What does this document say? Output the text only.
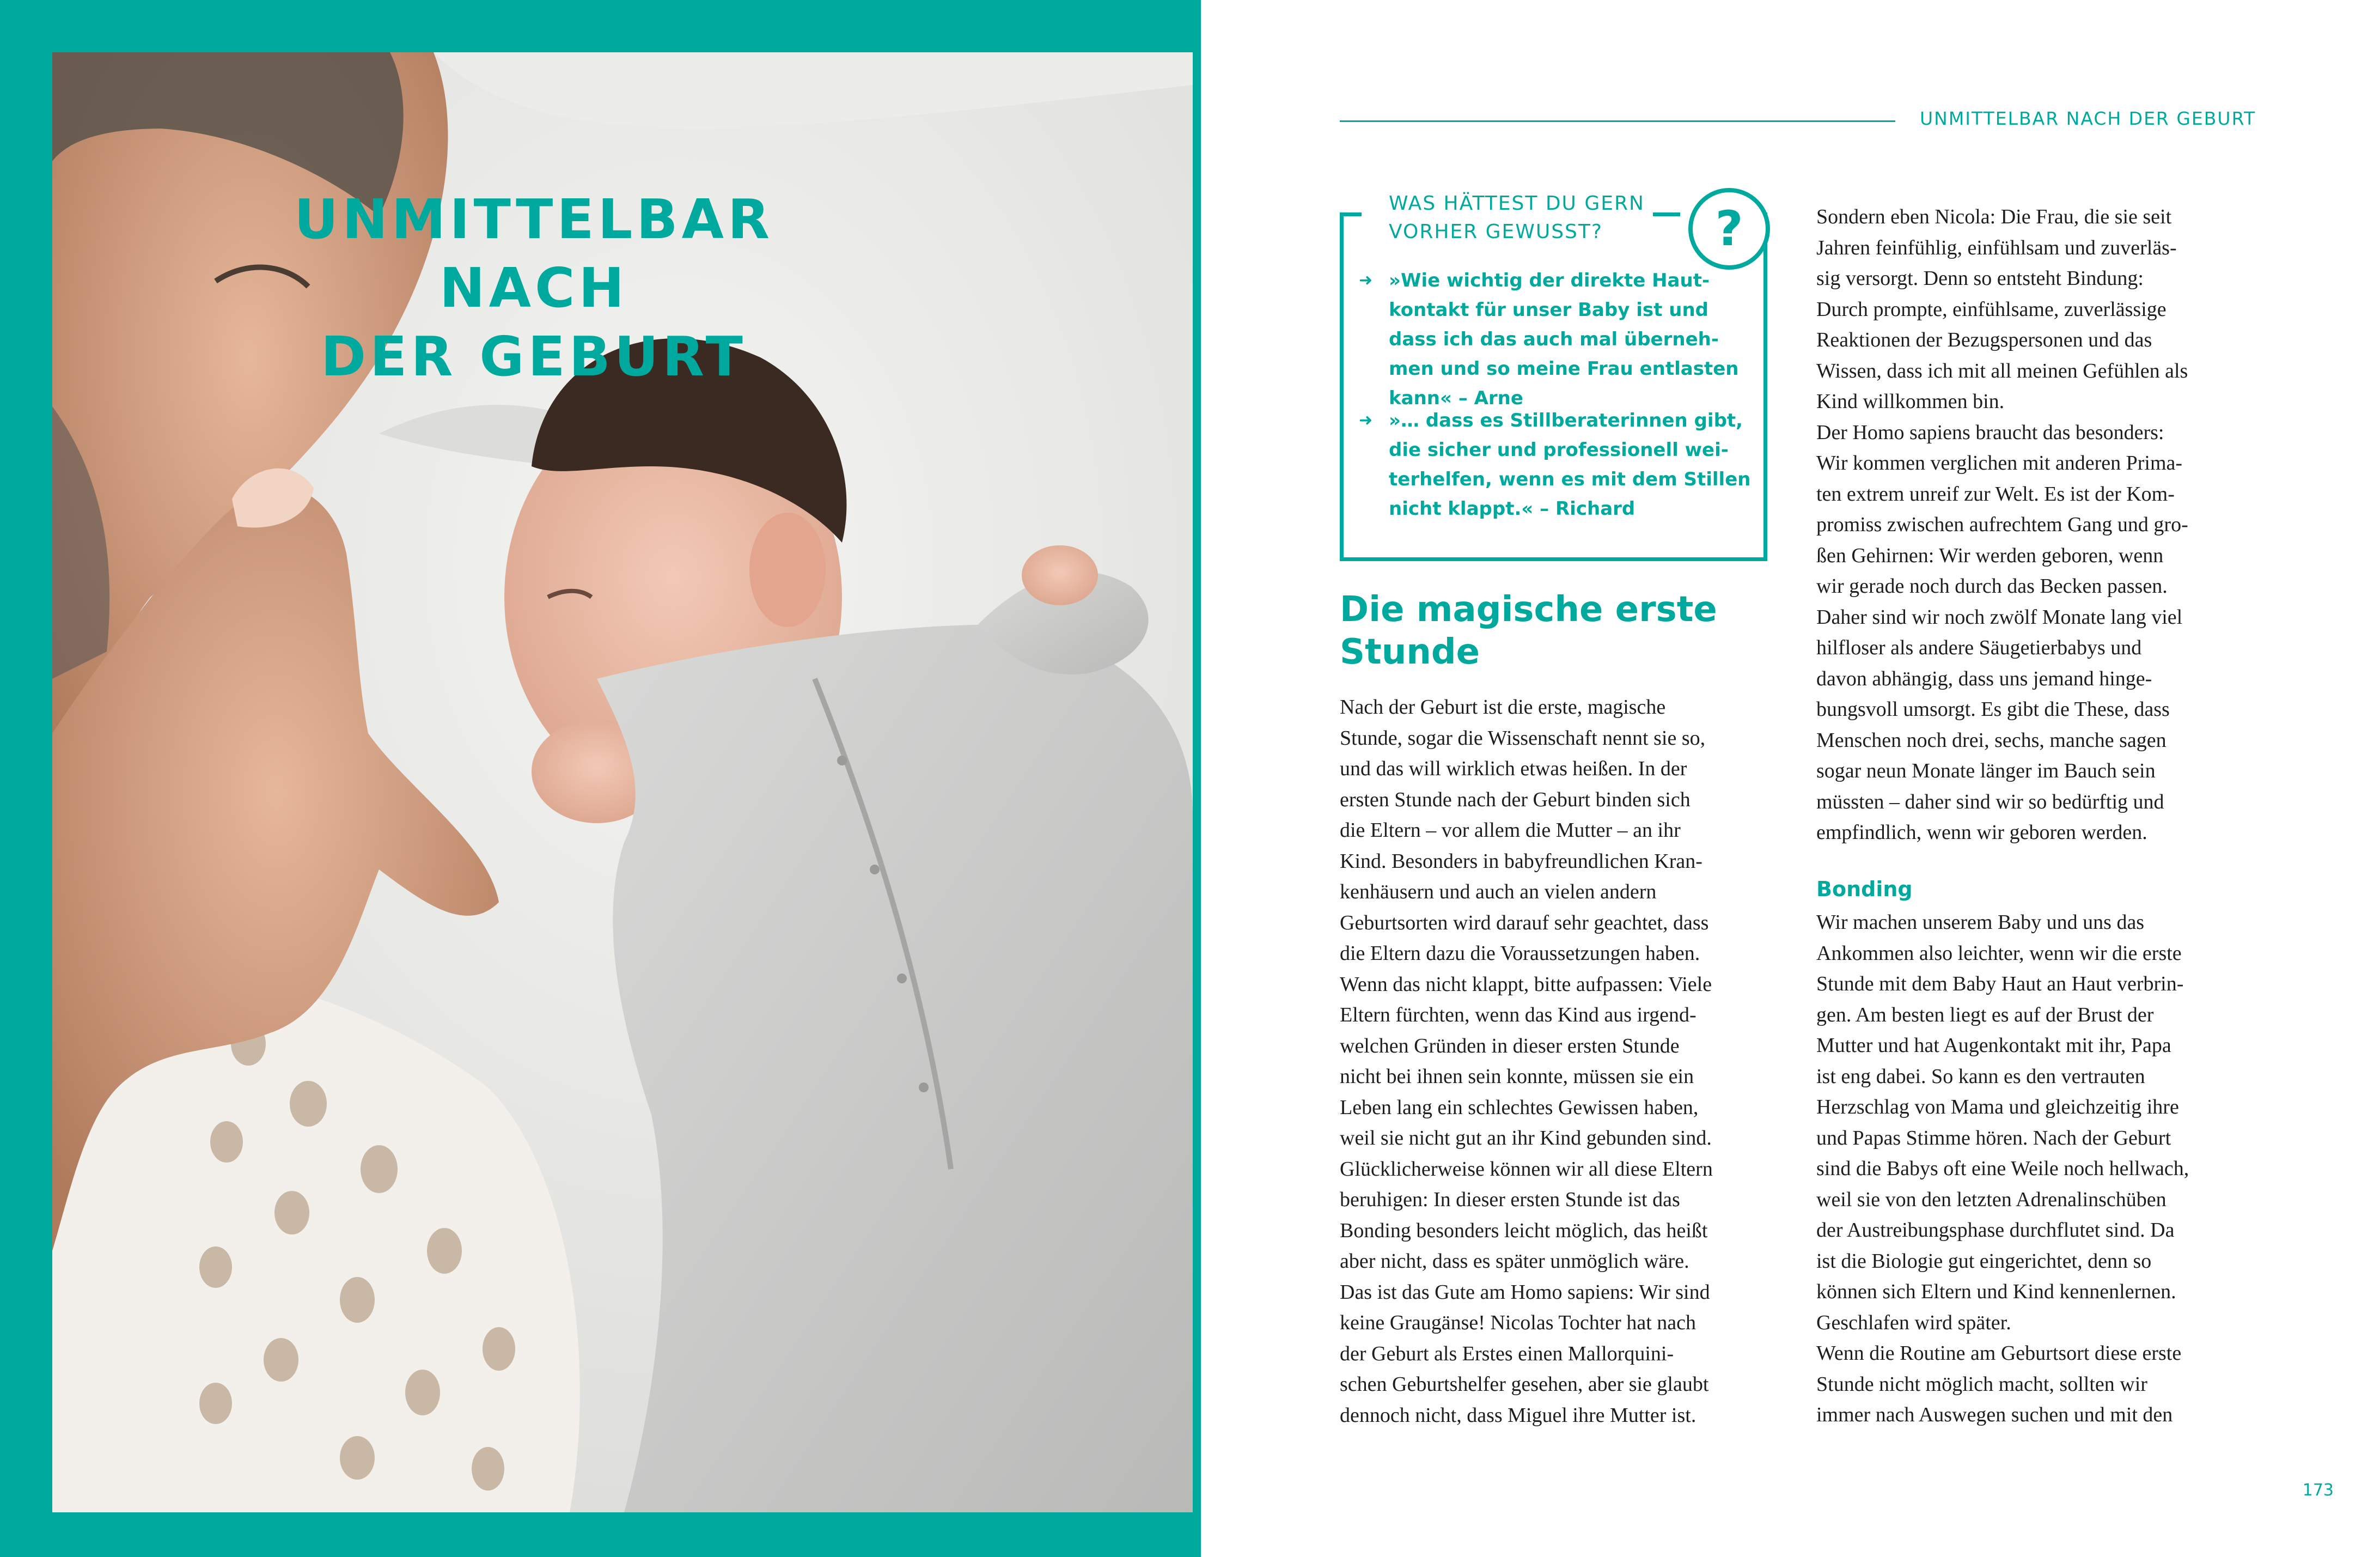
UNMITTELBAR NACH
DER GEBURT
UNMITTELBAR NACH DER GEBURT
?
WAS HÄTTEST DU GERN
VORHER GEWUSST?
➜ »Wie wichtig der direkte Haut-
kontakt für unser Baby ist und
dass ich das auch mal überneh-
men und so meine Frau entlasten
kann« – Arne
➜ »… dass es Stillberaterinnen gibt,
die sicher und professionell wei-
terhelfen, wenn es mit dem Stillen
nicht klappt.« – Richard
Die magische erste
Stunde
Nach der Geburt ist die erste, magische
Stunde, sogar die Wissenschaft nennt sie so,
und das will wirklich etwas heißen. In der
ersten Stunde nach der Geburt binden sich
die Eltern – vor allem die Mutter – an ihr
Kind. Besonders in babyfreundlichen Kran-
kenhäusern und auch an vielen andern
Geburtsorten wird darauf sehr geachtet, dass
die Eltern dazu die Voraussetzungen haben.
Wenn das nicht klappt, bitte aufpassen: Viele
Eltern fürchten, wenn das Kind aus irgend-
welchen Gründen in dieser ersten Stunde
nicht bei ihnen sein konnte, müssen sie ein
Leben lang ein schlechtes Gewissen haben,
weil sie nicht gut an ihr Kind gebunden sind.
Glücklicherweise können wir all diese Eltern
beruhigen: In dieser ersten Stunde ist das
Bonding besonders leicht möglich, das heißt
aber nicht, dass es später unmöglich wäre.
Das ist das Gute am Homo sapiens: Wir sind
keine Graugänse! Nicolas Tochter hat nach
der Geburt als Erstes einen Mallorquini-
schen Geburtshelfer gesehen, aber sie glaubt
dennoch nicht, dass Miguel ihre Mutter ist.
Sondern eben Nicola: Die Frau, die sie seit
Jahren feinfühlig, einfühlsam und zuverläs-
sig versorgt. Denn so entsteht Bindung:
Durch prompte, einfühlsame, zuverlässige
Reaktionen der Bezugspersonen und das
Wissen, dass ich mit all meinen Gefühlen als
Kind willkommen bin.
Der Homo sapiens braucht das besonders:
Wir kommen verglichen mit anderen Prima-
ten extrem unreif zur Welt. Es ist der Kom-
promiss zwischen aufrechtem Gang und gro-
ßen Gehirnen: Wir werden geboren, wenn
wir gerade noch durch das Becken passen.
Daher sind wir noch zwölf Monate lang viel
hilfloser als andere Säugetierbabys und
davon abhängig, dass uns jemand hinge-
bungsvoll umsorgt. Es gibt die These, dass
Menschen noch drei, sechs, manche sagen
sogar neun Monate länger im Bauch sein
müssten – daher sind wir so bedürftig und
empfindlich, wenn wir geboren werden.
Bonding
Wir machen unserem Baby und uns das
Ankommen also leichter, wenn wir die erste
Stunde mit dem Baby Haut an Haut verbrin-
gen. Am besten liegt es auf der Brust der
Mutter und hat Augenkontakt mit ihr, Papa
ist eng dabei. So kann es den vertrauten
Herzschlag von Mama und gleichzeitig ihre
und Papas Stimme hören. Nach der Geburt
sind die Babys oft eine Weile noch hellwach,
weil sie von den letzten Adrenalinschüben
der Austreibungsphase durchflutet sind. Da
ist die Biologie gut eingerichtet, denn so
können sich Eltern und Kind kennenlernen.
Geschlafen wird später.
Wenn die Routine am Geburtsort diese erste
Stunde nicht möglich macht, sollten wir
immer nach Auswegen suchen und mit den
173
